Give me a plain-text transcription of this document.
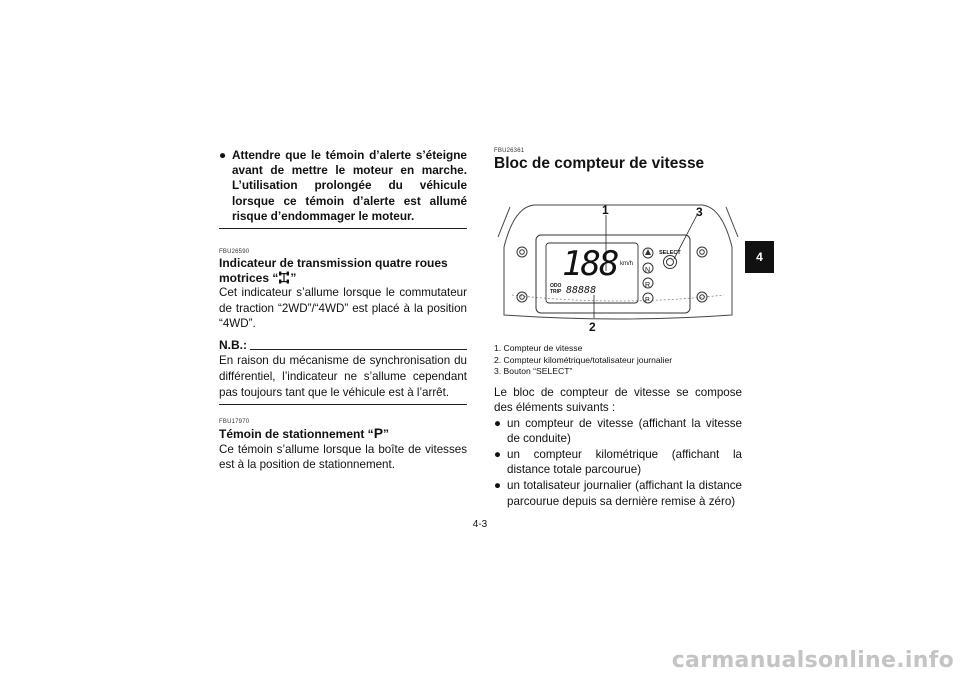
● Attendre que le témoin d’alerte s’éteigne avant de mettre le moteur en marche. L’utilisation prolongée du véhicule lorsque ce témoin d’alerte est allumé risque d’endommager le moteur.
FBU26590
Indicateur de transmission quatre roues
motrices “ ”
Cet indicateur s’allume lorsque le commutateur de traction “2WD”/“4WD” est placé à la position “4WD”.
N.B.:
En raison du mécanisme de synchronisation du différentiel, l’indicateur ne s’allume cependant pas toujours tant que le véhicule est à l’arrêt.
FBU17970
Témoin de stationnement “P”
Ce témoin s’allume lorsque la boîte de vitesses est à la position de stationnement.
FBU26361
Bloc de compteur de vitesse
1	3
2
188 km/h
ODO
TRIP 88888
SELECT
N
R
P
1. Compteur de vitesse
2. Compteur kilométrique/totalisateur journalier
3. Bouton “SELECT”
Le bloc de compteur de vitesse se compose des éléments suivants :
● un compteur de vitesse (affichant la vitesse de conduite)
● un compteur kilométrique (affichant la distance totale parcourue)
● un totalisateur journalier (affichant la distance parcourue depuis sa dernière remise à zéro)
4
4-3
carmanualsonline.info
